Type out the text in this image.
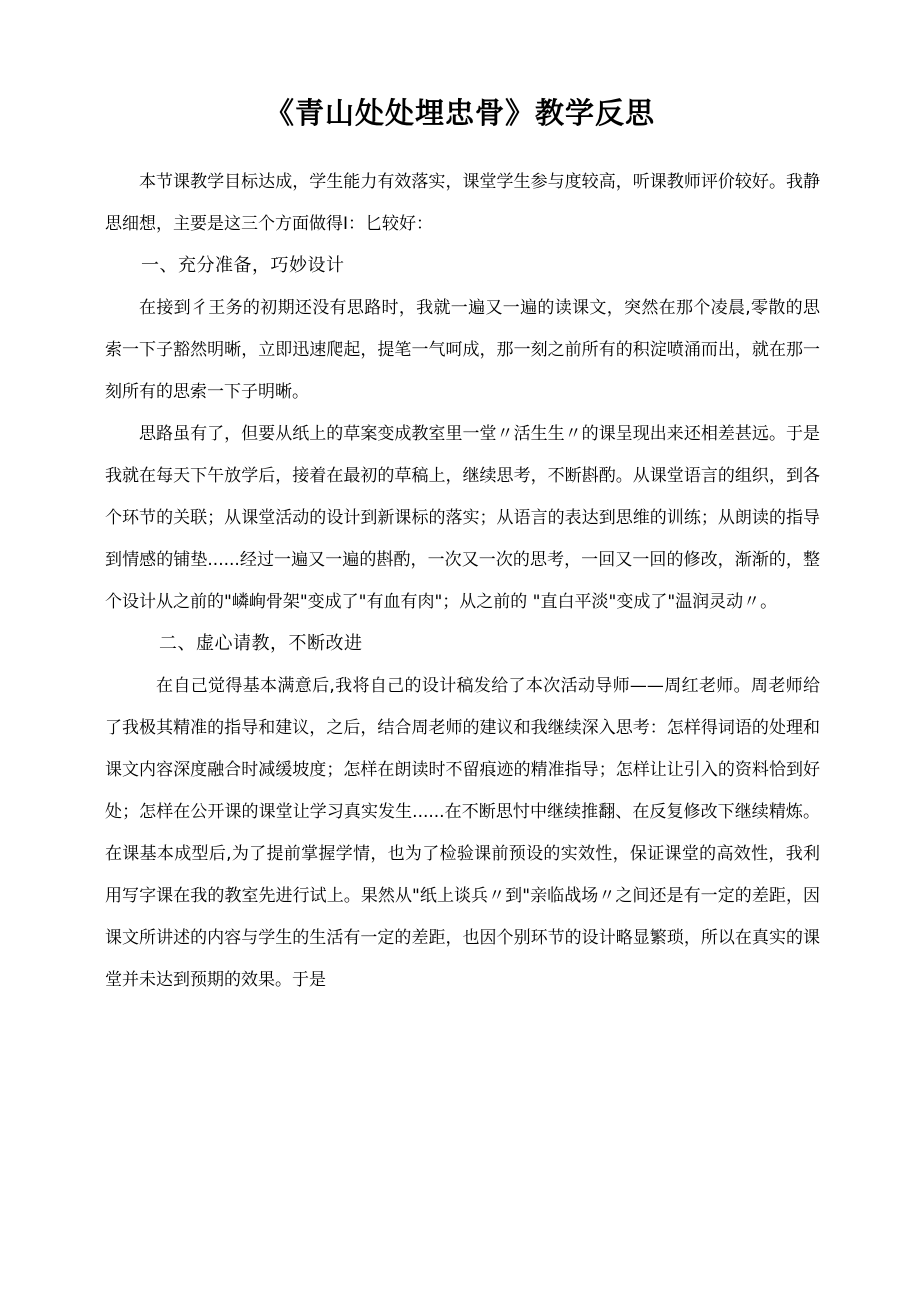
《青山处处埋忠骨》教学反思

本节课教学目标达成，学生能力有效落实，课堂学生参与度较高，听课教师评价较好。我静思细想，主要是这三个方面做得Ⅰ：匕较好：

一、充分准备，巧妙设计

在接到彳王务的初期还没有思路时，我就一遍又一遍的读课文，突然在那个凌晨,零散的思索一下子豁然明晰，立即迅速爬起，提笔一气呵成，那一刻之前所有的积淀喷涌而出，就在那一刻所有的思索一下子明晰。

思路虽有了，但要从纸上的草案变成教室里一堂〃活生生〃的课呈现出来还相差甚远。于是我就在每天下午放学后，接着在最初的草稿上，继续思考，不断斟酌。从课堂语言的组织，到各个环节的关联；从课堂活动的设计到新课标的落实；从语言的表达到思维的训练；从朗读的指导到情感的铺垫......经过一遍又一遍的斟酌，一次又一次的思考，一回又一回的修改，渐渐的，整个设计从之前的"嶙峋骨架"变成了"有血有肉"；从之前的 "直白平淡"变成了"温润灵动〃。

二、虚心请教，不断改进

在自己觉得基本满意后,我将自己的设计稿发给了本次活动导师——周红老师。周老师给了我极其精准的指导和建议，之后，结合周老师的建议和我继续深入思考：怎样得词语的处理和课文内容深度融合时减缓坡度；怎样在朗读时不留痕迹的精准指导；怎样让让引入的资料恰到好处；怎样在公开课的课堂让学习真实发生......在不断思忖中继续推翻、在反复修改下继续精炼。在课基本成型后,为了提前掌握学情，也为了检验课前预设的实效性，保证课堂的高效性，我利用写字课在我的教室先进行试上。果然从"纸上谈兵〃到"亲临战场〃之间还是有一定的差距，因课文所讲述的内容与学生的生活有一定的差距，也因个别环节的设计略显繁琐，所以在真实的课堂并未达到预期的效果。于是
